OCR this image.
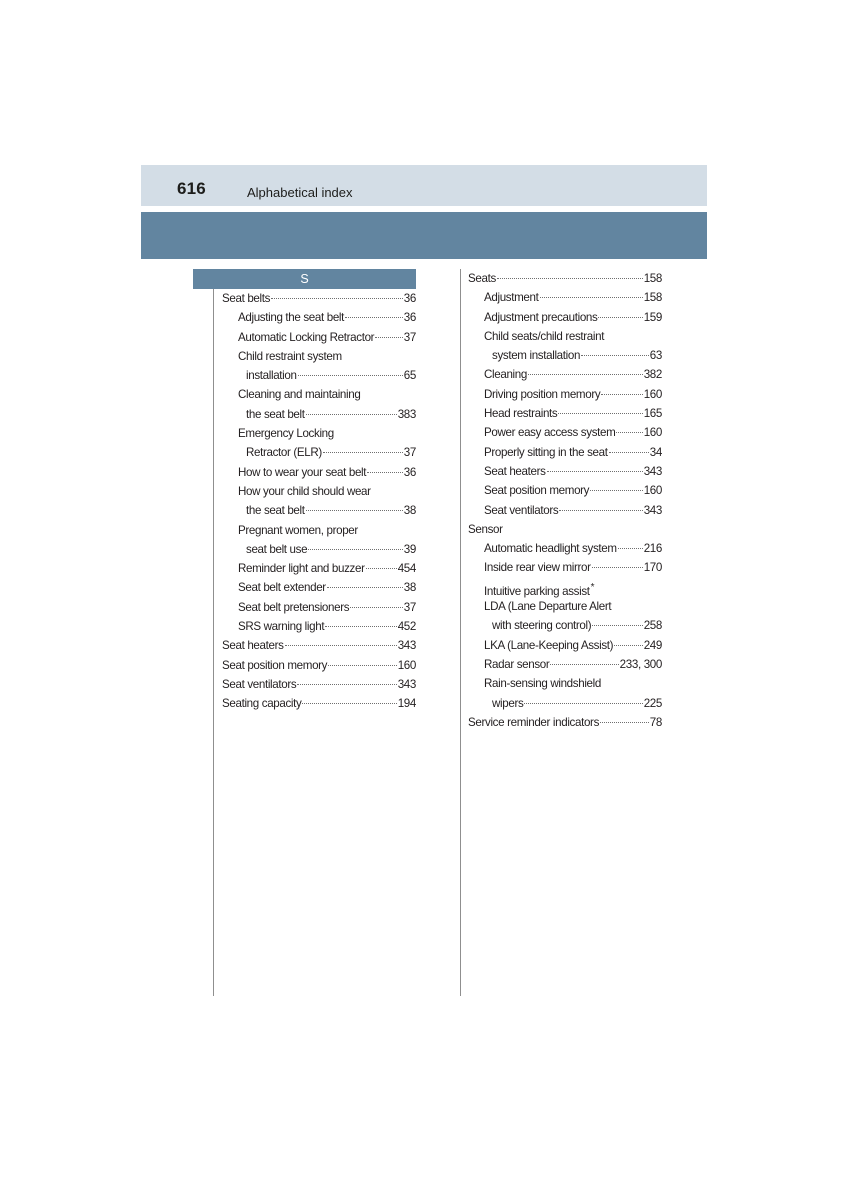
616	Alphabetical index
S
Seat belts	36
Adjusting the seat belt	36
Automatic Locking Retractor	37
Child restraint system
installation	65
Cleaning and maintaining
the seat belt	383
Emergency Locking
Retractor (ELR)	37
How to wear your seat belt	36
How your child should wear
the seat belt	38
Pregnant women, proper
seat belt use	39
Reminder light and buzzer	454
Seat belt extender	38
Seat belt pretensioners	37
SRS warning light	452
Seat heaters	343
Seat position memory	160
Seat ventilators	343
Seating capacity	194
Seats	158
Adjustment	158
Adjustment precautions	159
Child seats/child restraint
system installation	63
Cleaning	382
Driving position memory	160
Head restraints	165
Power easy access system 160
Properly sitting in the seat	34
Seat heaters	343
Seat position memory	160
Seat ventilators	343
Sensor
Automatic headlight system 216
Inside rear view mirror	170
Intuitive parking assist*
LDA (Lane Departure Alert
with steering control)	258
LKA (Lane-Keeping Assist)	249
Radar sensor	233, 300
Rain-sensing windshield
wipers	225
Service reminder indicators	78
